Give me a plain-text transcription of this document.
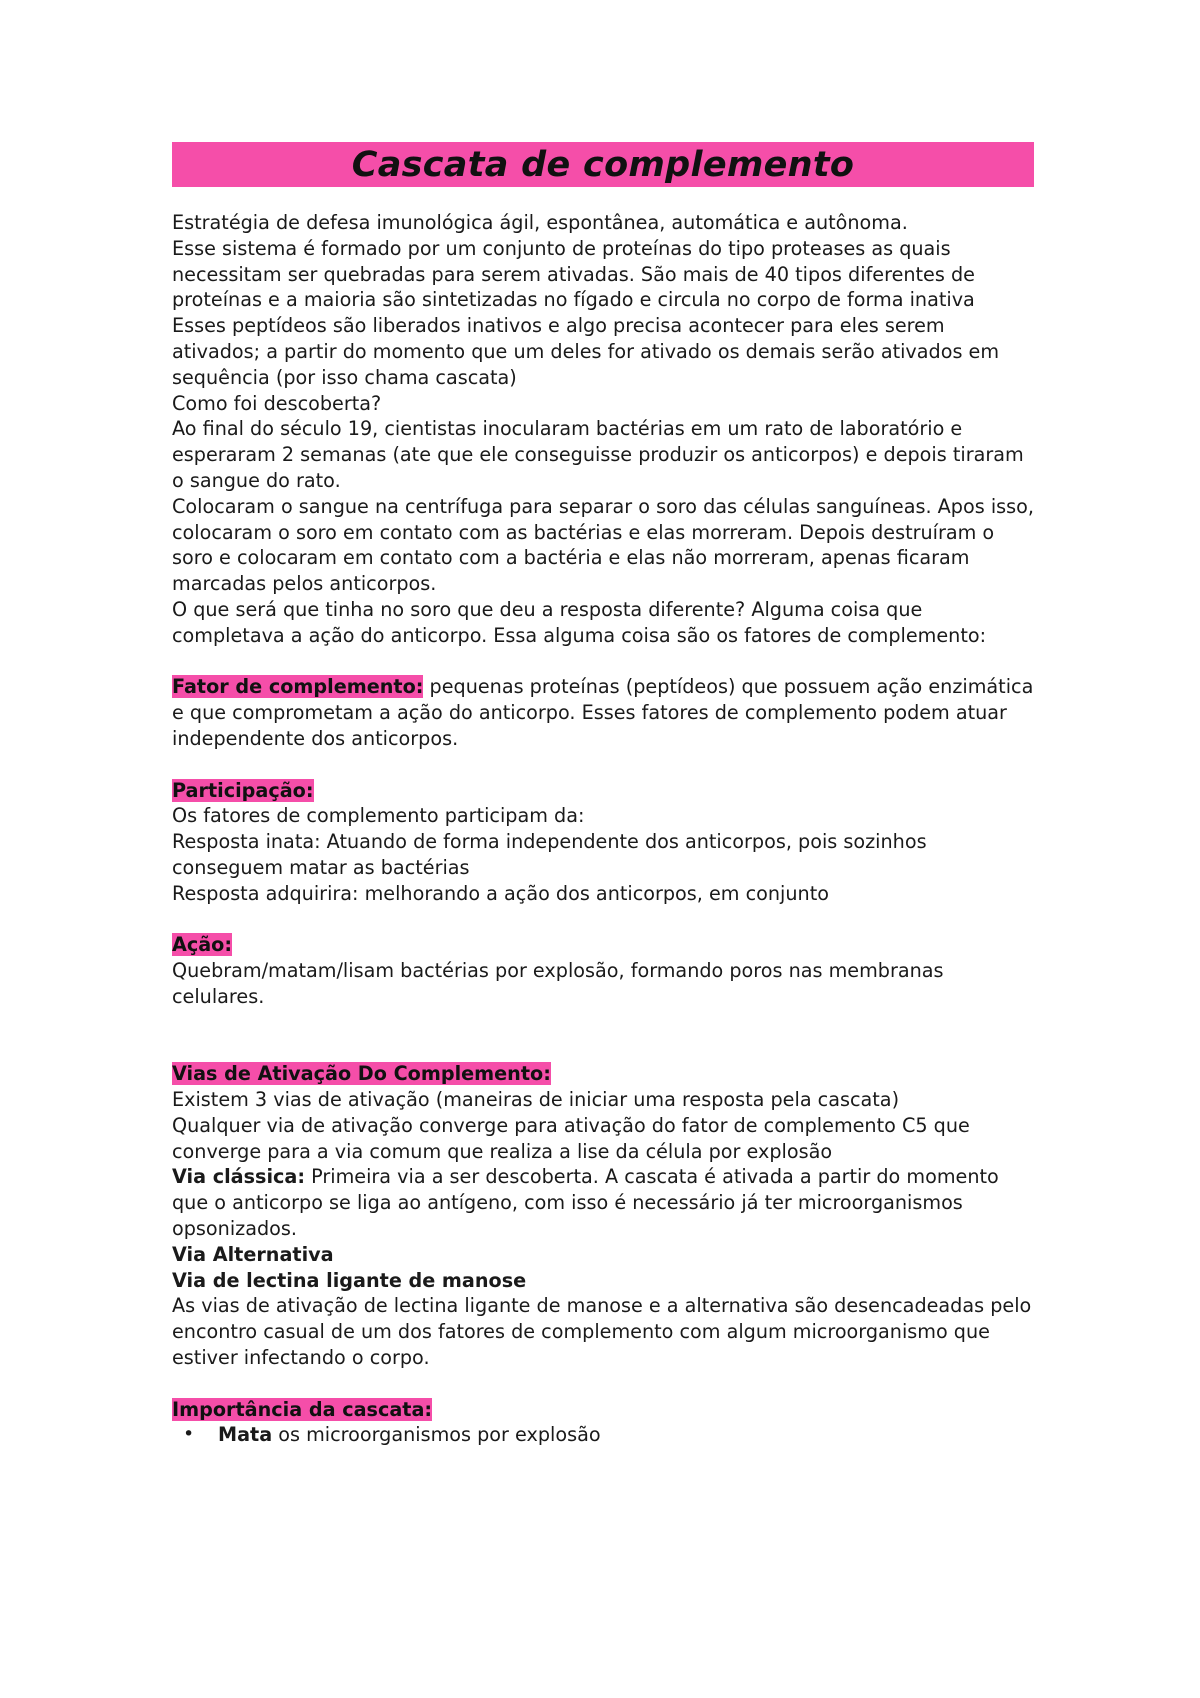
Cascata de complemento

Estratégia de defesa imunológica ágil, espontânea, automática e autônoma.

Esse sistema é formado por um conjunto de proteínas do tipo proteases as quais necessitam ser quebradas para serem ativadas. São mais de 40 tipos diferentes de proteínas e a maioria são sintetizadas no fígado e circula no corpo de forma inativa

Esses peptídeos são liberados inativos e algo precisa acontecer para eles serem ativados; a partir do momento que um deles for ativado os demais serão ativados em sequência (por isso chama cascata)

Como foi descoberta?

Ao final do século 19, cientistas inocularam bactérias em um rato de laboratório e esperaram 2 semanas (ate que ele conseguisse produzir os anticorpos) e depois tiraram o sangue do rato.

Colocaram o sangue na centrífuga para separar o soro das células sanguíneas. Apos isso, colocaram o soro em contato com as bactérias e elas morreram. Depois destruíram o soro e colocaram em contato com a bactéria e elas não morreram, apenas ficaram marcadas pelos anticorpos.

O que será que tinha no soro que deu a resposta diferente? Alguma coisa que completava a ação do anticorpo. Essa alguma coisa são os fatores de complemento:

Fator de complemento: pequenas proteínas (peptídeos) que possuem ação enzimática e que comprometam a ação do anticorpo. Esses fatores de complemento podem atuar independente dos anticorpos.

Participação:

Os fatores de complemento participam da:

Resposta inata: Atuando de forma independente dos anticorpos, pois sozinhos conseguem matar as bactérias

Resposta adquirira: melhorando a ação dos anticorpos, em conjunto

Ação:

Quebram/matam/lisam bactérias por explosão, formando poros nas membranas celulares.

Vias de Ativação Do Complemento:

Existem 3 vias de ativação (maneiras de iniciar uma resposta pela cascata)

Qualquer via de ativação converge para ativação do fator de complemento C5 que converge para a via comum que realiza a lise da célula por explosão

Via clássica: Primeira via a ser descoberta. A cascata é ativada a partir do momento que o anticorpo se liga ao antígeno, com isso é necessário já ter microorganismos opsonizados.

Via Alternativa

Via de lectina ligante de manose

As vias de ativação de lectina ligante de manose e a alternativa são desencadeadas pelo encontro casual de um dos fatores de complemento com algum microorganismo que estiver infectando o corpo.

Importância da cascata:

• Mata os microorganismos por explosão
